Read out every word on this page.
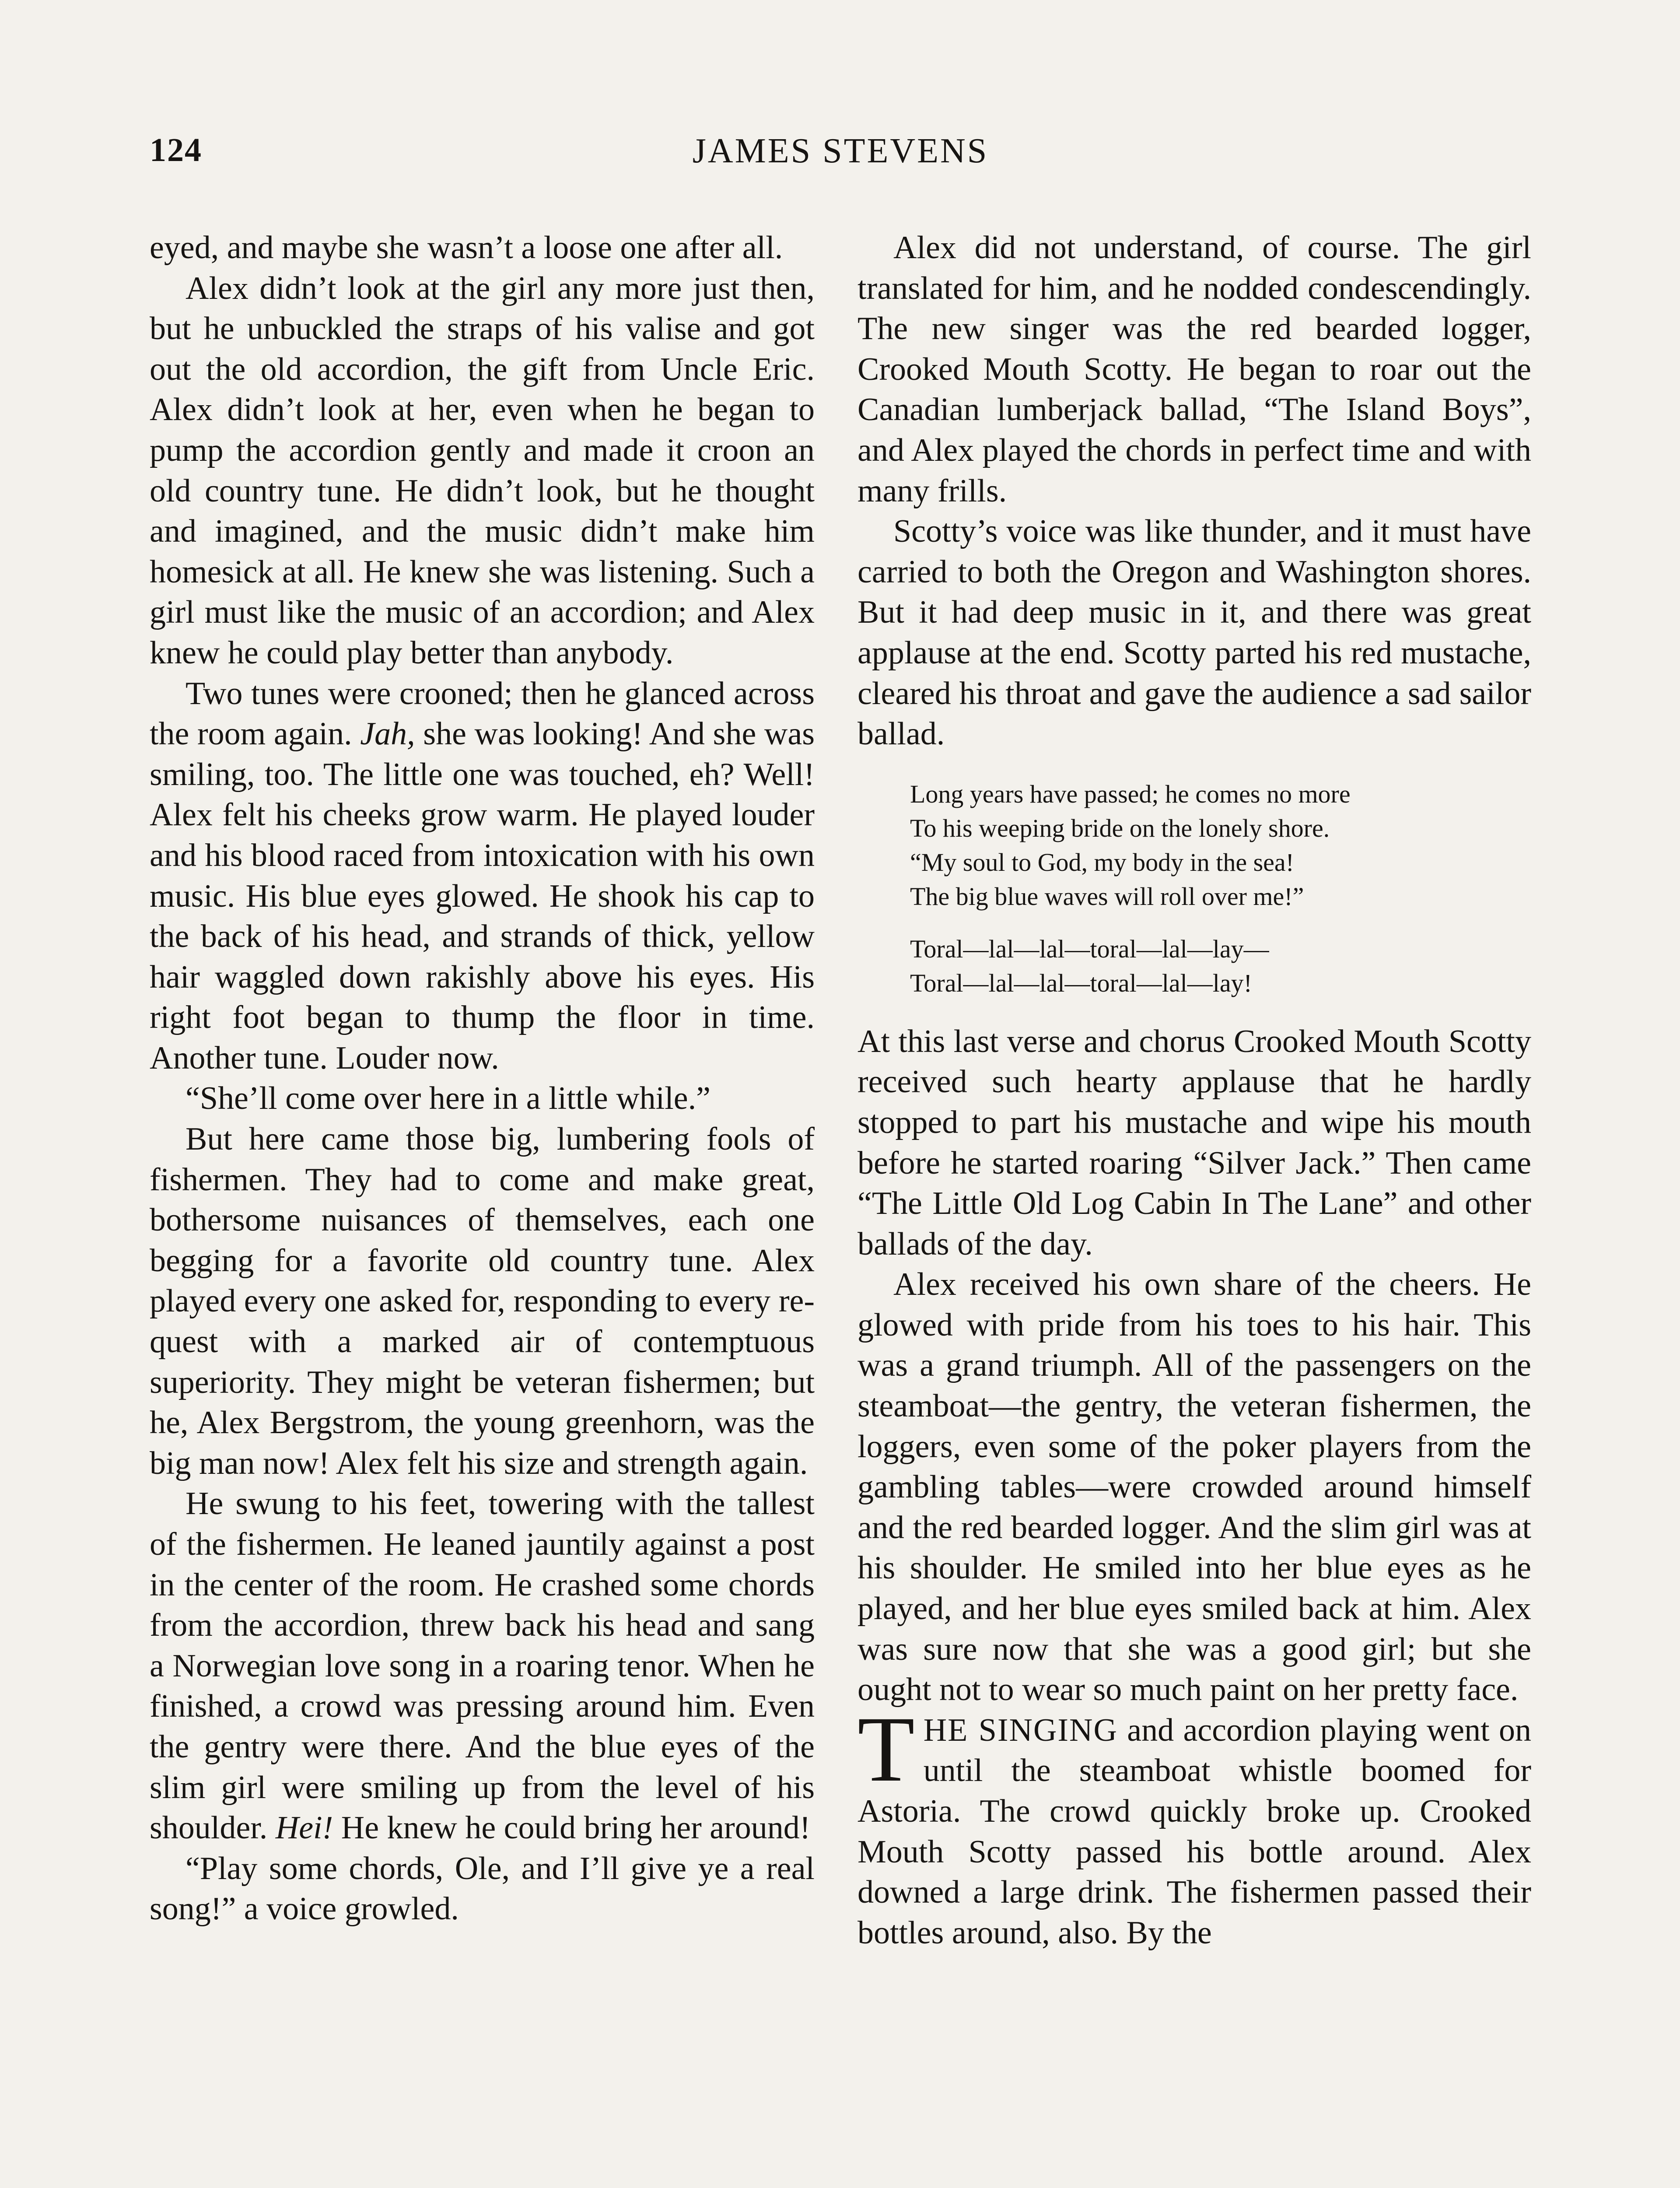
124	JAMES STEVENS

eyed, and maybe she wasn’t a loose one after all.

Alex didn’t look at the girl any more just then, but he unbuckled the straps of his valise and got out the old accordion, the gift from Uncle Eric. Alex didn’t look at her, even when he began to pump the accordion gently and made it croon an old country tune. He didn’t look, but he thought and imagined, and the music didn’t make him homesick at all. He knew she was listening. Such a girl must like the music of an accordion; and Alex knew he could play better than anybody.

Two tunes were crooned; then he glanced across the room again. Jah, she was looking! And she was smiling, too. The little one was touched, eh? Well! Alex felt his cheeks grow warm. He played louder and his blood raced from intoxication with his own music. His blue eyes glowed. He shook his cap to the back of his head, and strands of thick, yellow hair waggled down rakishly above his eyes. His right foot began to thump the floor in time. Another tune. Louder now.

“She’ll come over here in a little while.”

But here came those big, lumbering fools of fishermen. They had to come and make great, bothersome nuisances of themselves, each one begging for a favorite old country tune. Alex played every one asked for, responding to every request with a marked air of contemptuous superiority. They might be veteran fishermen; but he, Alex Bergstrom, the young greenhorn, was the big man now! Alex felt his size and strength again.

He swung to his feet, towering with the tallest of the fishermen. He leaned jauntily against a post in the center of the room. He crashed some chords from the accordion, threw back his head and sang a Norwegian love song in a roaring tenor. When he finished, a crowd was pressing around him. Even the gentry were there. And the blue eyes of the slim girl were smiling up from the level of his shoulder. Hei! He knew he could bring her around!

“Play some chords, Ole, and I’ll give ye a real song!” a voice growled.

Alex did not understand, of course. The girl translated for him, and he nodded condescendingly. The new singer was the red bearded logger, Crooked Mouth Scotty. He began to roar out the Canadian lumberjack ballad, “The Island Boys”, and Alex played the chords in perfect time and with many frills.

Scotty’s voice was like thunder, and it must have carried to both the Oregon and Washington shores. But it had deep music in it, and there was great applause at the end. Scotty parted his red mustache, cleared his throat and gave the audience a sad sailor ballad.

Long years have passed; he comes no more
To his weeping bride on the lonely shore.
“My soul to God, my body in the sea!
The big blue waves will roll over me!”
Toral—lal—lal—toral—lal—lay—
Toral—lal—lal—toral—lal—lay!

At this last verse and chorus Crooked Mouth Scotty received such hearty applause that he hardly stopped to part his mustache and wipe his mouth before he started roaring “Silver Jack.” Then came “The Little Old Log Cabin In The Lane” and other ballads of the day.

Alex received his own share of the cheers. He glowed with pride from his toes to his hair. This was a grand triumph. All of the passengers on the steamboat—the gentry, the veteran fishermen, the loggers, even some of the poker players from the gambling tables—were crowded around himself and the red bearded logger. And the slim girl was at his shoulder. He smiled into her blue eyes as he played, and her blue eyes smiled back at him. Alex was sure now that she was a good girl; but she ought not to wear so much paint on her pretty face.

THE SINGING and accordion playing went on until the steamboat whistle boomed for Astoria. The crowd quickly broke up. Crooked Mouth Scotty passed his bottle around. Alex downed a large drink. The fishermen passed their bottles around, also. By the
